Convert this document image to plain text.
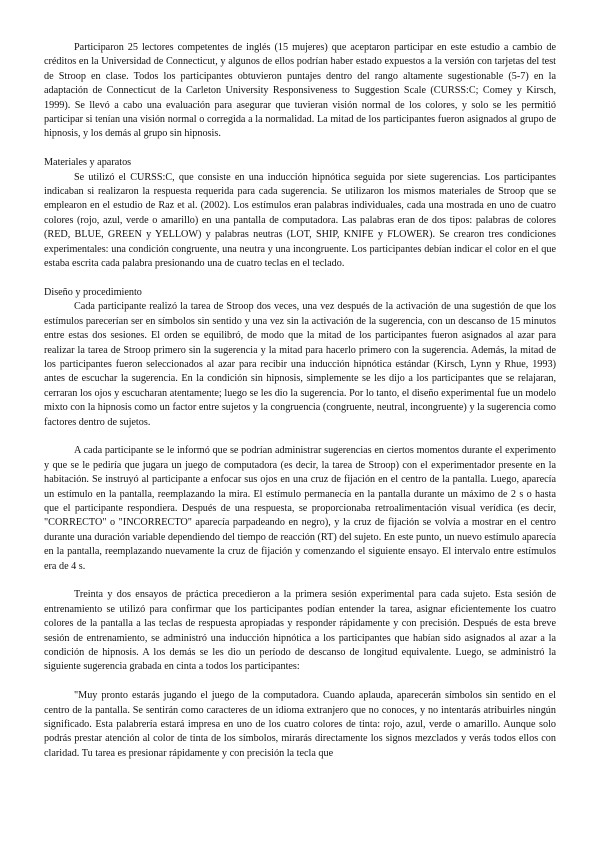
Participaron 25 lectores competentes de inglés (15 mujeres) que aceptaron participar en este estudio a cambio de créditos en la Universidad de Connecticut, y algunos de ellos podrían haber estado expuestos a la versión con tarjetas del test de Stroop en clase. Todos los participantes obtuvieron puntajes dentro del rango altamente sugestionable (5-7) en la adaptación de Connecticut de la Carleton University Responsiveness to Suggestion Scale (CURSS:C; Comey y Kirsch, 1999). Se llevó a cabo una evaluación para asegurar que tuvieran visión normal de los colores, y solo se les permitió participar si tenían una visión normal o corregida a la normalidad. La mitad de los participantes fueron asignados al grupo de hipnosis, y los demás al grupo sin hipnosis.

Materiales y aparatos

Se utilizó el CURSS:C, que consiste en una inducción hipnótica seguida por siete sugerencias. Los participantes indicaban si realizaron la respuesta requerida para cada sugerencia. Se utilizaron los mismos materiales de Stroop que se emplearon en el estudio de Raz et al. (2002). Los estímulos eran palabras individuales, cada una mostrada en uno de cuatro colores (rojo, azul, verde o amarillo) en una pantalla de computadora. Las palabras eran de dos tipos: palabras de colores (RED, BLUE, GREEN y YELLOW) y palabras neutras (LOT, SHIP, KNIFE y FLOWER). Se crearon tres condiciones experimentales: una condición congruente, una neutra y una incongruente. Los participantes debían indicar el color en el que estaba escrita cada palabra presionando una de cuatro teclas en el teclado.

Diseño y procedimiento

Cada participante realizó la tarea de Stroop dos veces, una vez después de la activación de una sugestión de que los estímulos parecerían ser en símbolos sin sentido y una vez sin la activación de la sugerencia, con un descanso de 15 minutos entre estas dos sesiones. El orden se equilibró, de modo que la mitad de los participantes fueron asignados al azar para realizar la tarea de Stroop primero sin la sugerencia y la mitad para hacerlo primero con la sugerencia. Además, la mitad de los participantes fueron seleccionados al azar para recibir una inducción hipnótica estándar (Kirsch, Lynn y Rhue, 1993) antes de escuchar la sugerencia. En la condición sin hipnosis, simplemente se les dijo a los participantes que se relajaran, cerraran los ojos y escucharan atentamente; luego se les dio la sugerencia. Por lo tanto, el diseño experimental fue un modelo mixto con la hipnosis como un factor entre sujetos y la congruencia (congruente, neutral, incongruente) y la sugerencia como factores dentro de sujetos.

A cada participante se le informó que se podrían administrar sugerencias en ciertos momentos durante el experimento y que se le pediría que jugara un juego de computadora (es decir, la tarea de Stroop) con el experimentador presente en la habitación. Se instruyó al participante a enfocar sus ojos en una cruz de fijación en el centro de la pantalla. Luego, aparecía un estímulo en la pantalla, reemplazando la mira. El estímulo permanecía en la pantalla durante un máximo de 2 s o hasta que el participante respondiera. Después de una respuesta, se proporcionaba retroalimentación visual verídica (es decir, "CORRECTO" o "INCORRECTO" aparecía parpadeando en negro), y la cruz de fijación se volvía a mostrar en el centro durante una duración variable dependiendo del tiempo de reacción (RT) del sujeto. En este punto, un nuevo estímulo aparecía en la pantalla, reemplazando nuevamente la cruz de fijación y comenzando el siguiente ensayo. El intervalo entre estímulos era de 4 s.

Treinta y dos ensayos de práctica precedieron a la primera sesión experimental para cada sujeto. Esta sesión de entrenamiento se utilizó para confirmar que los participantes podían entender la tarea, asignar eficientemente los cuatro colores de la pantalla a las teclas de respuesta apropiadas y responder rápidamente y con precisión. Después de esta breve sesión de entrenamiento, se administró una inducción hipnótica a los participantes que habían sido asignados al azar a la condición de hipnosis. A los demás se les dio un período de descanso de longitud equivalente. Luego, se administró la siguiente sugerencia grabada en cinta a todos los participantes:

"Muy pronto estarás jugando el juego de la computadora. Cuando aplauda, aparecerán símbolos sin sentido en el centro de la pantalla. Se sentirán como caracteres de un idioma extranjero que no conoces, y no intentarás atribuirles ningún significado. Esta palabrería estará impresa en uno de los cuatro colores de tinta: rojo, azul, verde o amarillo. Aunque solo podrás prestar atención al color de tinta de los símbolos, mirarás directamente los signos mezclados y verás todos ellos con claridad. Tu tarea es presionar rápidamente y con precisión la tecla que
